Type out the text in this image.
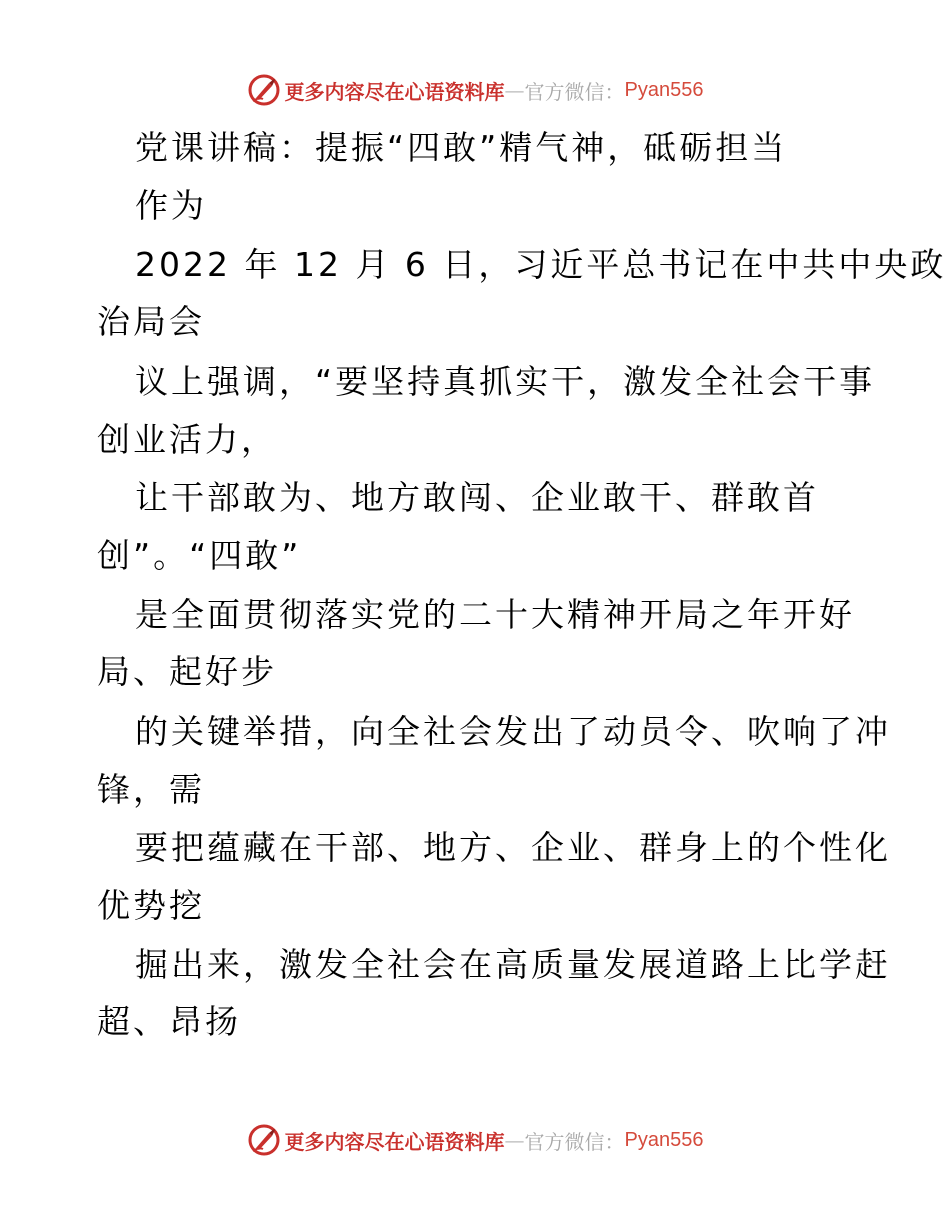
更多内容尽在心语资料库 — 官方微信： Pyan556
党课讲稿：提振“四敢”精气神，砥砺担当
作为
2022 年 12 月 6 日，习近平总书记在中共中央政
治局会
议上强调，“要坚持真抓实干，激发全社会干事
创业活力，
让干部敢为、地方敢闯、企业敢干、群敢首
创”。“四敢”
是全面贯彻落实党的二十大精神开局之年开好
局、起好步
的关键举措，向全社会发出了动员令、吹响了冲
锋，需
要把蕴藏在干部、地方、企业、群身上的个性化
优势挖
掘出来，激发全社会在高质量发展道路上比学赶
超、昂扬
更多内容尽在心语资料库 — 官方微信： Pyan556
